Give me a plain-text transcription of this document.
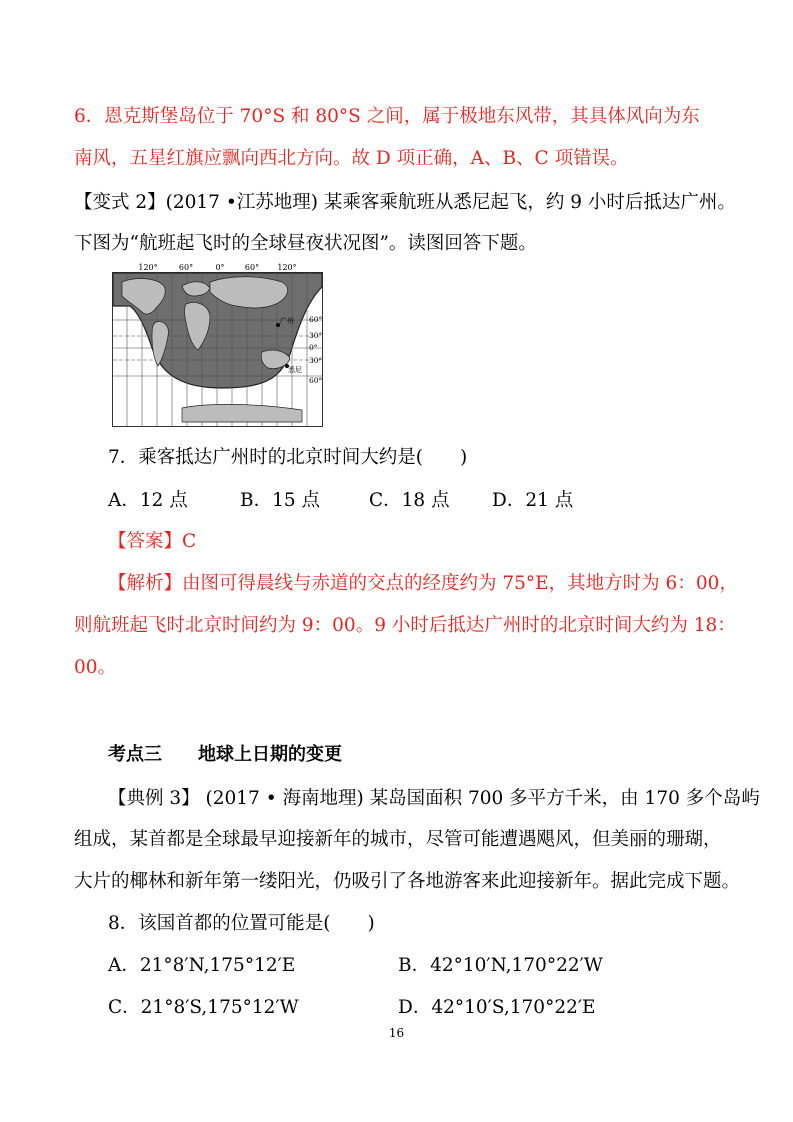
6．恩克斯堡岛位于 70°S 和 80°S 之间，属于极地东风带，其具体风向为东
南风，五星红旗应飘向西北方向。故 D 项正确，A、B、C 项错误。
【变式 2】(2017 •江苏地理) 某乘客乘航班从悉尼起飞，约 9 小时后抵达广州。
下图为“航班起飞时的全球昼夜状况图”。读图回答下题。
广州
悉尼
120°	60°	0°	60° 120°
60°
30°
0°
30°
60°
7．乘客抵达广州时的北京时间大约是(　　)
A．12 点	B．15 点	C．18 点 D．21 点
【答案】C
【解析】由图可得晨线与赤道的交点的经度约为 75°E，其地方时为 6：00，
则航班起飞时北京时间约为 9：00。9 小时后抵达广州时的北京时间大约为 18：
00。
考点三　　地球上日期的变更
【典例 3】 (2017 • 海南地理) 某岛国面积 700 多平方千米，由 170 多个岛屿
组成，某首都是全球最早迎接新年的城市，尽管可能遭遇飓风，但美丽的珊瑚，
大片的椰林和新年第一缕阳光，仍吸引了各地游客来此迎接新年。据此完成下题。
8．该国首都的位置可能是(　　)
A．21°8′N,175°12′E	B．42°10′N,170°22′W
C．21°8′S,175°12′W	D．42°10′S,170°22′E
16
